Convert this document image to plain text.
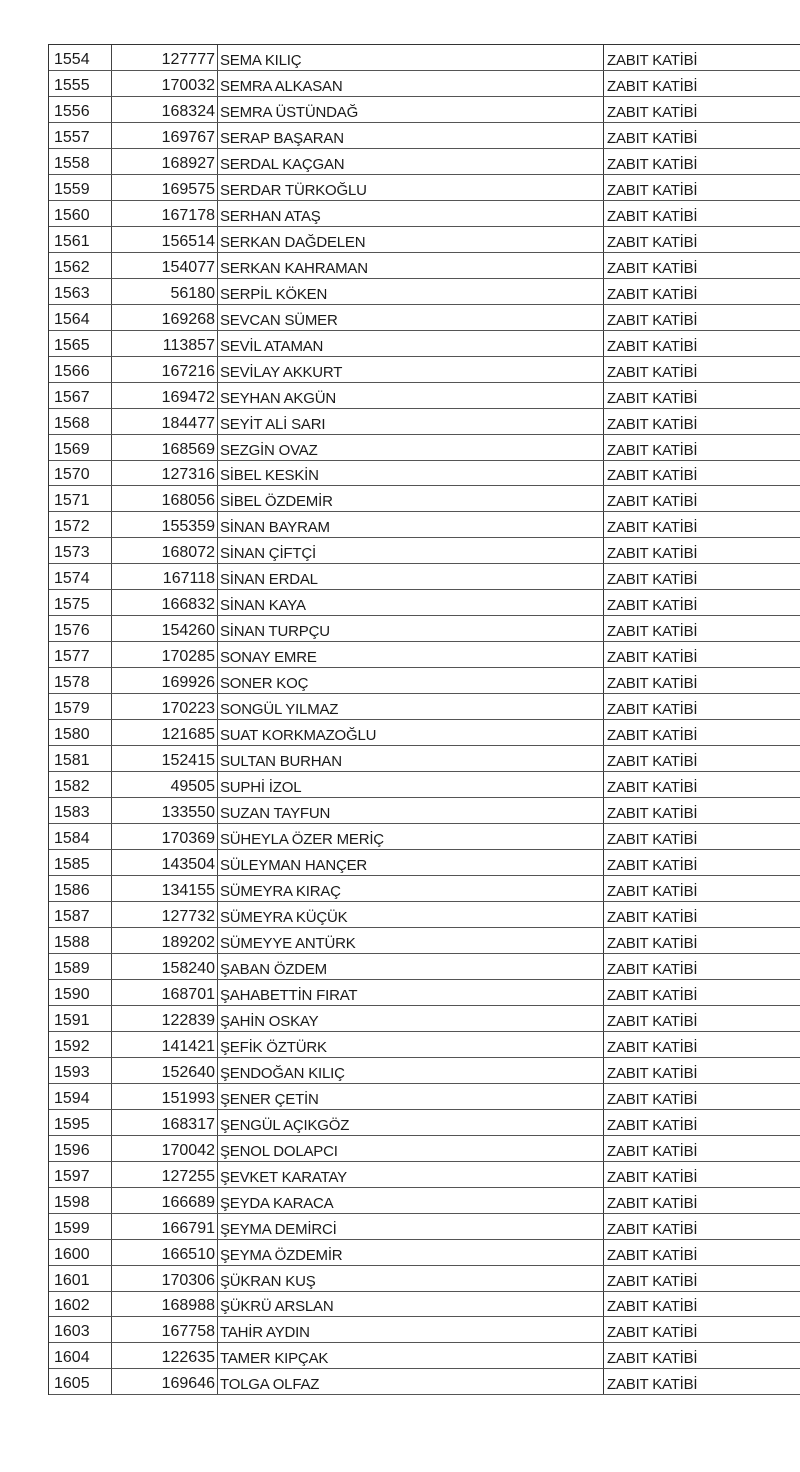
1554	127777 SEMA KILIÇ	ZABIT KATİBİ
1555	170032 SEMRA ALKASAN	ZABIT KATİBİ
1556	168324 SEMRA ÜSTÜNDAĞ	ZABIT KATİBİ
1557	169767 SERAP BAŞARAN	ZABIT KATİBİ
1558	168927 SERDAL KAÇGAN	ZABIT KATİBİ
1559	169575 SERDAR TÜRKOĞLU	ZABIT KATİBİ
1560	167178 SERHAN ATAŞ	ZABIT KATİBİ
1561	156514 SERKAN DAĞDELEN	ZABIT KATİBİ
1562	154077 SERKAN KAHRAMAN	ZABIT KATİBİ
1563	56180 SERPİL KÖKEN	ZABIT KATİBİ
1564	169268 SEVCAN SÜMER	ZABIT KATİBİ
1565	113857 SEVİL ATAMAN	ZABIT KATİBİ
1566	167216 SEVİLAY AKKURT	ZABIT KATİBİ
1567	169472 SEYHAN AKGÜN	ZABIT KATİBİ
1568	184477 SEYİT ALİ SARI	ZABIT KATİBİ
1569	168569 SEZGİN OVAZ	ZABIT KATİBİ
1570	127316 SİBEL KESKİN	ZABIT KATİBİ
1571	168056 SİBEL ÖZDEMİR	ZABIT KATİBİ
1572	155359 SİNAN BAYRAM	ZABIT KATİBİ
1573	168072 SİNAN ÇİFTÇİ	ZABIT KATİBİ
1574	167118 SİNAN ERDAL	ZABIT KATİBİ
1575	166832 SİNAN KAYA	ZABIT KATİBİ
1576	154260 SİNAN TURPÇU	ZABIT KATİBİ
1577	170285 SONAY EMRE	ZABIT KATİBİ
1578	169926 SONER KOÇ	ZABIT KATİBİ
1579	170223 SONGÜL YILMAZ	ZABIT KATİBİ
1580	121685 SUAT KORKMAZOĞLU	ZABIT KATİBİ
1581	152415 SULTAN BURHAN	ZABIT KATİBİ
1582	49505 SUPHİ İZOL	ZABIT KATİBİ
1583	133550 SUZAN TAYFUN	ZABIT KATİBİ
1584	170369 SÜHEYLA ÖZER MERİÇ	ZABIT KATİBİ
1585	143504 SÜLEYMAN HANÇER	ZABIT KATİBİ
1586	134155 SÜMEYRA KIRAÇ	ZABIT KATİBİ
1587	127732 SÜMEYRA KÜÇÜK	ZABIT KATİBİ
1588	189202 SÜMEYYE ANTÜRK	ZABIT KATİBİ
1589	158240 ŞABAN ÖZDEM	ZABIT KATİBİ
1590	168701 ŞAHABETTİN FIRAT	ZABIT KATİBİ
1591	122839 ŞAHİN OSKAY	ZABIT KATİBİ
1592	141421 ŞEFİK ÖZTÜRK	ZABIT KATİBİ
1593	152640 ŞENDOĞAN KILIÇ	ZABIT KATİBİ
1594	151993 ŞENER ÇETİN	ZABIT KATİBİ
1595	168317 ŞENGÜL AÇIKGÖZ	ZABIT KATİBİ
1596	170042 ŞENOL DOLAPCI	ZABIT KATİBİ
1597	127255 ŞEVKET KARATAY	ZABIT KATİBİ
1598	166689 ŞEYDA KARACA	ZABIT KATİBİ
1599	166791 ŞEYMA DEMİRCİ	ZABIT KATİBİ
1600	166510 ŞEYMA ÖZDEMİR	ZABIT KATİBİ
1601	170306 ŞÜKRAN KUŞ	ZABIT KATİBİ
1602	168988 ŞÜKRÜ ARSLAN	ZABIT KATİBİ
1603	167758 TAHİR AYDIN	ZABIT KATİBİ
1604	122635 TAMER KIPÇAK	ZABIT KATİBİ
1605	169646 TOLGA OLFAZ	ZABIT KATİBİ
